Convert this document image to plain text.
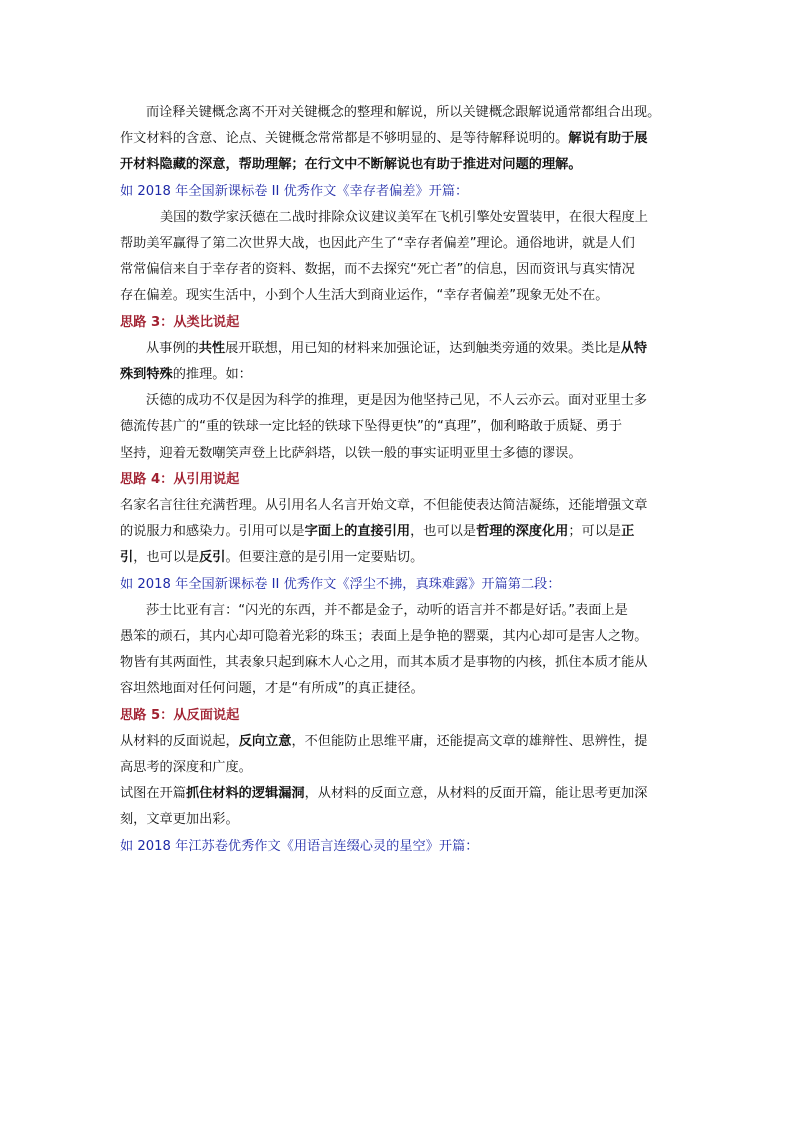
而诠释关键概念离不开对关键概念的整理和解说，所以关键概念跟解说通常都组合出现。
作文材料的含意、论点、关键概念常常都是不够明显的、是等待解释说明的。解说有助于展
开材料隐藏的深意，帮助理解；在行文中不断解说也有助于推进对问题的理解。
如 2018 年全国新课标卷 II 优秀作文《幸存者偏差》开篇：
美国的数学家沃德在二战时排除众议建议美军在飞机引擎处安置装甲，在很大程度上
帮助美军赢得了第二次世界大战，也因此产生了“幸存者偏差”理论。通俗地讲，就是人们
常常偏信来自于幸存者的资料、数据，而不去探究“死亡者”的信息，因而资讯与真实情况
存在偏差。现实生活中，小到个人生活大到商业运作，“幸存者偏差”现象无处不在。
思路 3：从类比说起
从事例的共性展开联想，用已知的材料来加强论证，达到触类旁通的效果。类比是从特
殊到特殊的推理。如：
沃德的成功不仅是因为科学的推理，更是因为他坚持己见，不人云亦云。面对亚里士多
德流传甚广的“重的铁球一定比轻的铁球下坠得更快”的“真理”，伽利略敢于质疑、勇于
坚持，迎着无数嘲笑声登上比萨斜塔，以铁一般的事实证明亚里士多德的谬误。
思路 4：从引用说起
名家名言往往充满哲理。从引用名人名言开始文章，不但能使表达简洁凝练，还能增强文章
的说服力和感染力。引用可以是字面上的直接引用，也可以是哲理的深度化用；可以是正
引，也可以是反引。但要注意的是引用一定要贴切。
如 2018 年全国新课标卷 II 优秀作文《浮尘不拂，真珠难露》开篇第二段：
莎士比亚有言：“闪光的东西，并不都是金子，动听的语言并不都是好话。”表面上是
愚笨的顽石，其内心却可隐着光彩的珠玉；表面上是争艳的罂粟，其内心却可是害人之物。
物皆有其两面性，其表象只起到麻木人心之用，而其本质才是事物的内核，抓住本质才能从
容坦然地面对任何问题，才是“有所成”的真正捷径。
思路 5：从反面说起
从材料的反面说起，反向立意，不但能防止思维平庸，还能提高文章的雄辩性、思辨性，提
高思考的深度和广度。
试图在开篇抓住材料的逻辑漏洞，从材料的反面立意，从材料的反面开篇，能让思考更加深
刻，文章更加出彩。
如 2018 年江苏卷优秀作文《用语言连缀心灵的星空》开篇：
